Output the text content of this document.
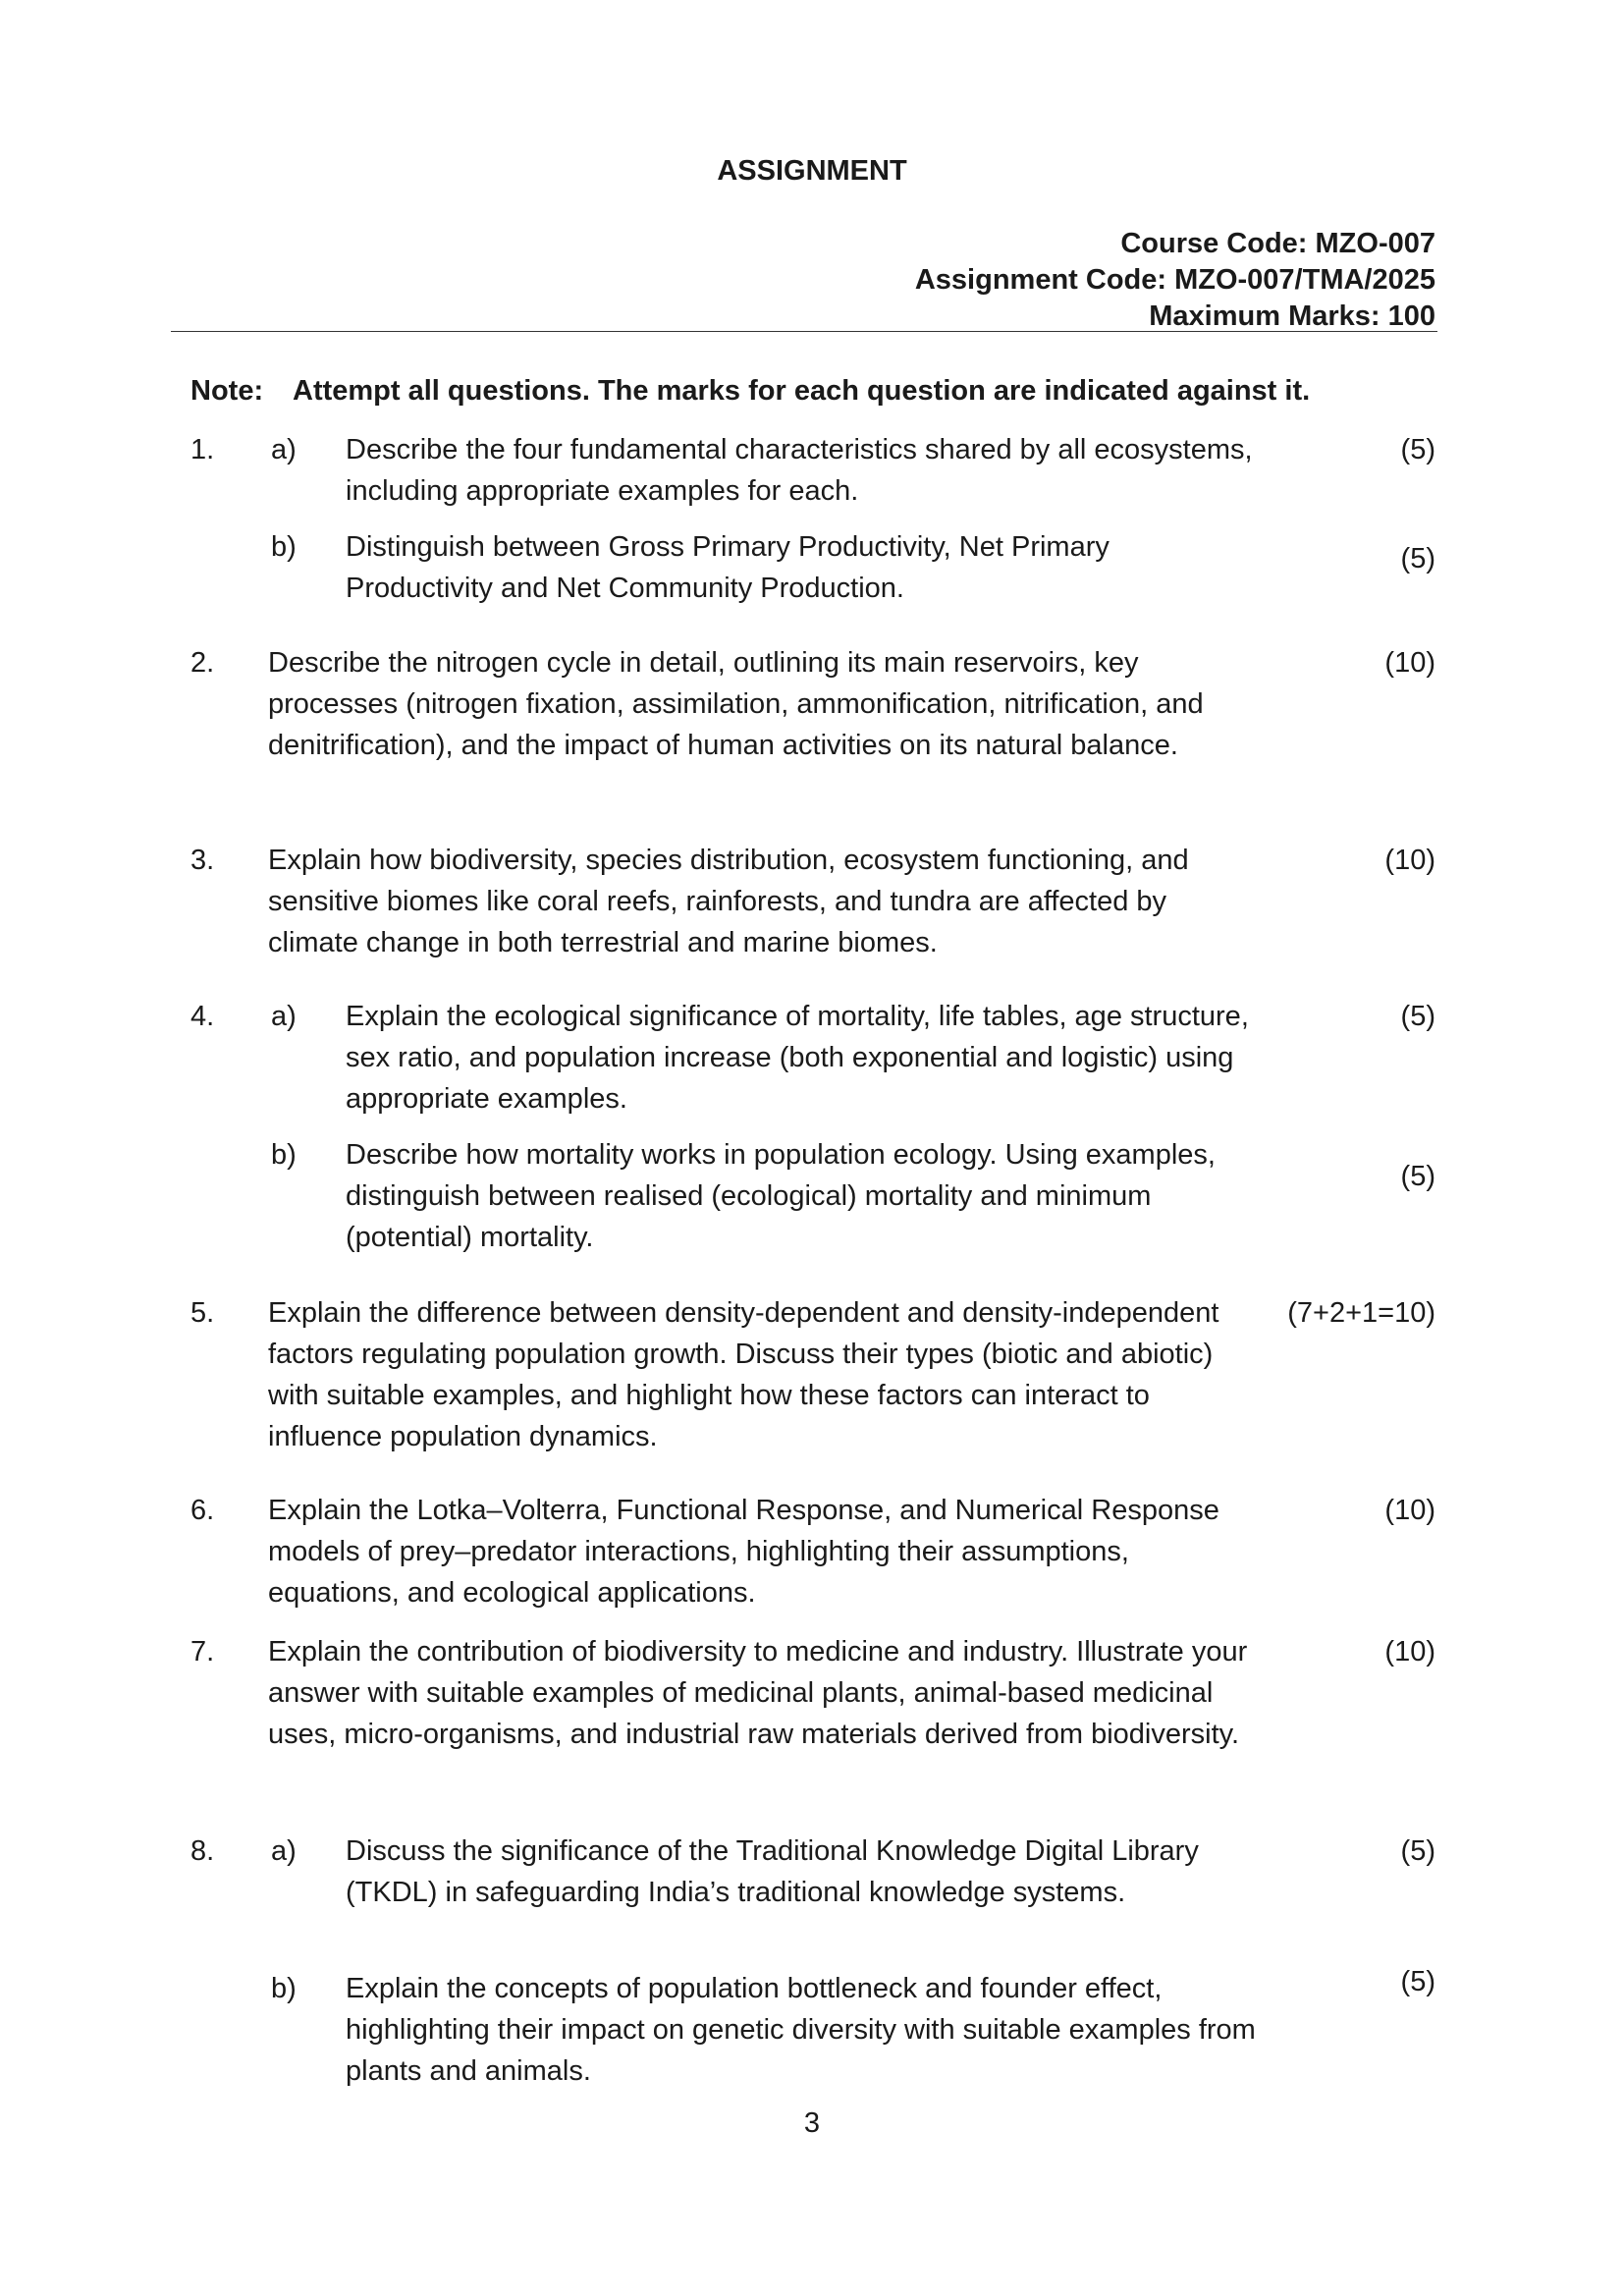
ASSIGNMENT
Course Code: MZO-007
Assignment Code: MZO-007/TMA/2025
Maximum Marks: 100
Note: Attempt all questions. The marks for each question are indicated against it.
1. a) Describe the four fundamental characteristics shared by all ecosystems, including appropriate examples for each.
(5)
b) Distinguish between Gross Primary Productivity, Net Primary Productivity and Net Community Production.
(5)
2. Describe the nitrogen cycle in detail, outlining its main reservoirs, key processes (nitrogen fixation, assimilation, ammonification, nitrification, and denitrification), and the impact of human activities on its natural balance.
(10)
3. Explain how biodiversity, species distribution, ecosystem functioning, and sensitive biomes like coral reefs, rainforests, and tundra are affected by climate change in both terrestrial and marine biomes.
(10)
4. a) Explain the ecological significance of mortality, life tables, age structure, sex ratio, and population increase (both exponential and logistic) using appropriate examples.
(5)
b) Describe how mortality works in population ecology. Using examples, distinguish between realised (ecological) mortality and minimum (potential) mortality.
(5)
5. Explain the difference between density-dependent and density-independent factors regulating population growth. Discuss their types (biotic and abiotic) with suitable examples, and highlight how these factors can interact to influence population dynamics.
(7+2+1=10)
6. Explain the Lotka–Volterra, Functional Response, and Numerical Response models of prey–predator interactions, highlighting their assumptions, equations, and ecological applications.
(10)
7. Explain the contribution of biodiversity to medicine and industry. Illustrate your answer with suitable examples of medicinal plants, animal-based medicinal uses, micro-organisms, and industrial raw materials derived from biodiversity.
(10)
8. a) Discuss the significance of the Traditional Knowledge Digital Library (TKDL) in safeguarding India’s traditional knowledge systems.
(5)
b) Explain the concepts of population bottleneck and founder effect, highlighting their impact on genetic diversity with suitable examples from plants and animals.
(5)
3
